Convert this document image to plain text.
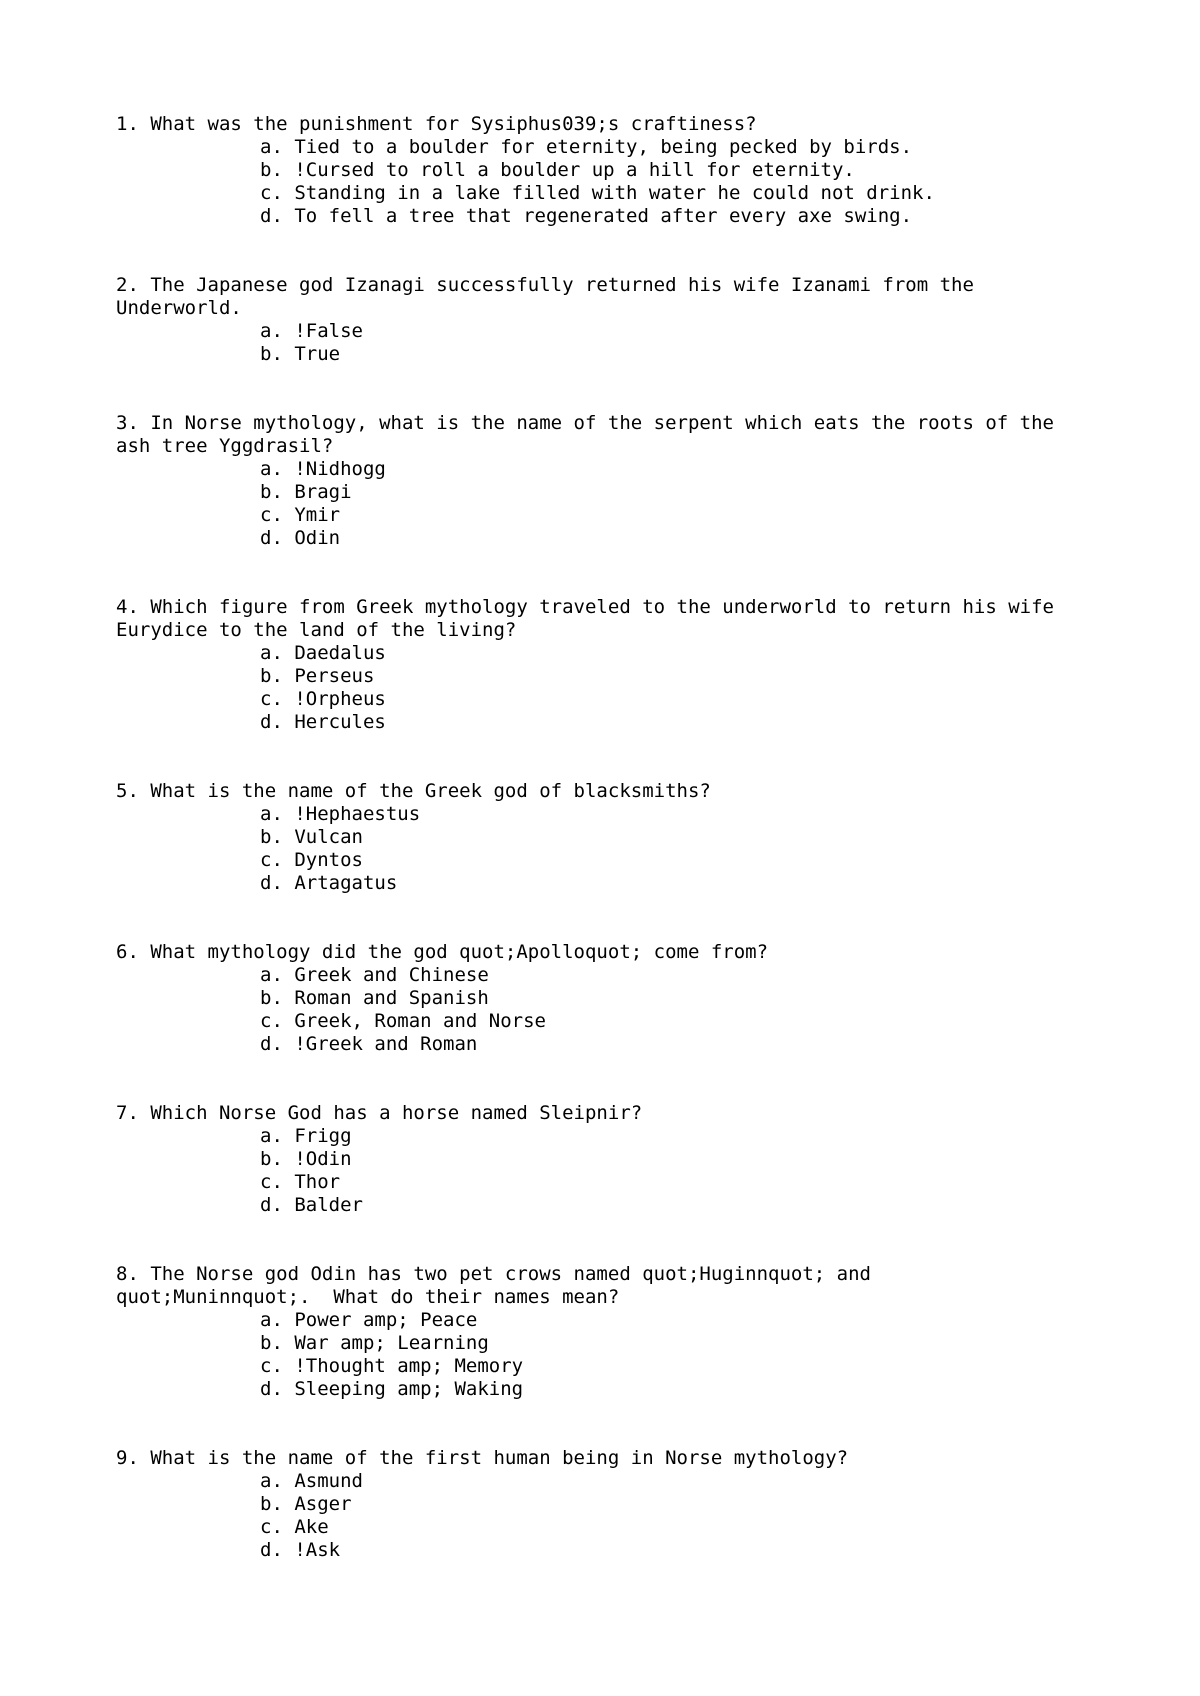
1. What was the punishment for Sysiphus039;s craftiness?

a. Tied to a boulder for eternity, being pecked by birds.
b. !Cursed to roll a boulder up a hill for eternity.
c. Standing in a lake filled with water he could not drink.
d. To fell a tree that regenerated after every axe swing.

2. The Japanese god Izanagi successfully returned his wife Izanami from the Underworld.

a. !False
b. True

3. In Norse mythology, what is the name of the serpent which eats the roots of the ash tree Yggdrasil?

a. !Nidhogg
b. Bragi
c. Ymir
d. Odin

4. Which figure from Greek mythology traveled to the underworld to return his wife Eurydice to the land of the living?

a. Daedalus
b. Perseus
c. !Orpheus
d. Hercules

5. What is the name of the Greek god of blacksmiths?

a. !Hephaestus
b. Vulcan
c. Dyntos
d. Artagatus

6. What mythology did the god quot;Apolloquot; come from?

a. Greek and Chinese
b. Roman and Spanish
c. Greek, Roman and Norse
d. !Greek and Roman

7. Which Norse God has a horse named Sleipnir?

a. Frigg
b. !Odin
c. Thor
d. Balder

8. The Norse god Odin has two pet crows named quot;Huginnquot; and quot;Muninnquot;.  What do their names mean?

a. Power amp; Peace
b. War amp; Learning
c. !Thought amp; Memory
d. Sleeping amp; Waking

9. What is the name of the first human being in Norse mythology?

a. Asmund
b. Asger
c. Ake
d. !Ask
